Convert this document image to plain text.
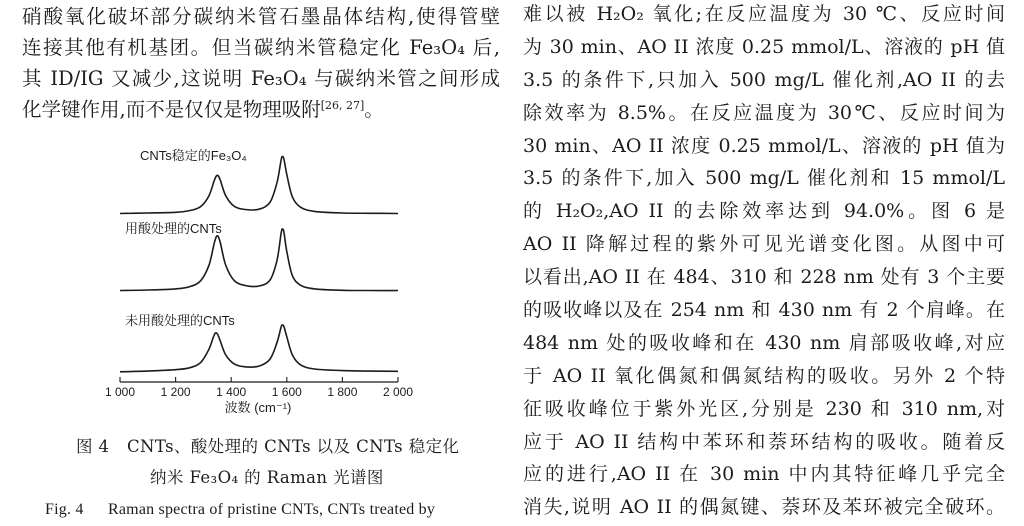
硝酸氧化破坏部分碳纳米管石墨晶体结构,使得管壁
连接其他有机基团。但当碳纳米管稳定化 Fe₃O₄ 后,
其 ID/IG 又减少,这说明 Fe₃O₄ 与碳纳米管之间形成
化学键作用,而不是仅仅是物理吸附[26, 27]。
1 000 1 200 1 400 1 600 1 800 2 000
CNTs稳定的Fe₃O₄
用酸处理的CNTs
未用酸处理的CNTs
波数 (cm⁻¹)
图 4 CNTs、酸处理的 CNTs 以及 CNTs 稳定化
纳米 Fe₃O₄ 的 Raman 光谱图
Fig. 4 Raman spectra of pristine CNTs, CNTs treated by
难以被 H₂O₂ 氧化;在反应温度为 30 ℃、反应时间
为 30 min、AO II 浓度 0.25 mmol/L、溶液的 pH 值
3.5 的条件下,只加入 500 mg/L 催化剂,AO II 的去
除效率为 8.5%。在反应温度为 30℃、反应时间为
30 min、AO II 浓度 0.25 mmol/L、溶液的 pH 值为
3.5 的条件下,加入 500 mg/L 催化剂和 15 mmol/L
的 H₂O₂,AO II 的去除效率达到 94.0%。图 6 是
AO II 降解过程的紫外可见光谱变化图。从图中可
以看出,AO II 在 484、310 和 228 nm 处有 3 个主要
的吸收峰以及在 254 nm 和 430 nm 有 2 个肩峰。在
484 nm 处的吸收峰和在 430 nm 肩部吸收峰,对应
于 AO II 氧化偶氮和偶氮结构的吸收。另外 2 个特
征吸收峰位于紫外光区,分别是 230 和 310 nm,对
应于 AO II 结构中苯环和萘环结构的吸收。随着反
应的进行,AO II 在 30 min 中内其特征峰几乎完全
消失,说明 AO II 的偶氮键、萘环及苯环被完全破环。
